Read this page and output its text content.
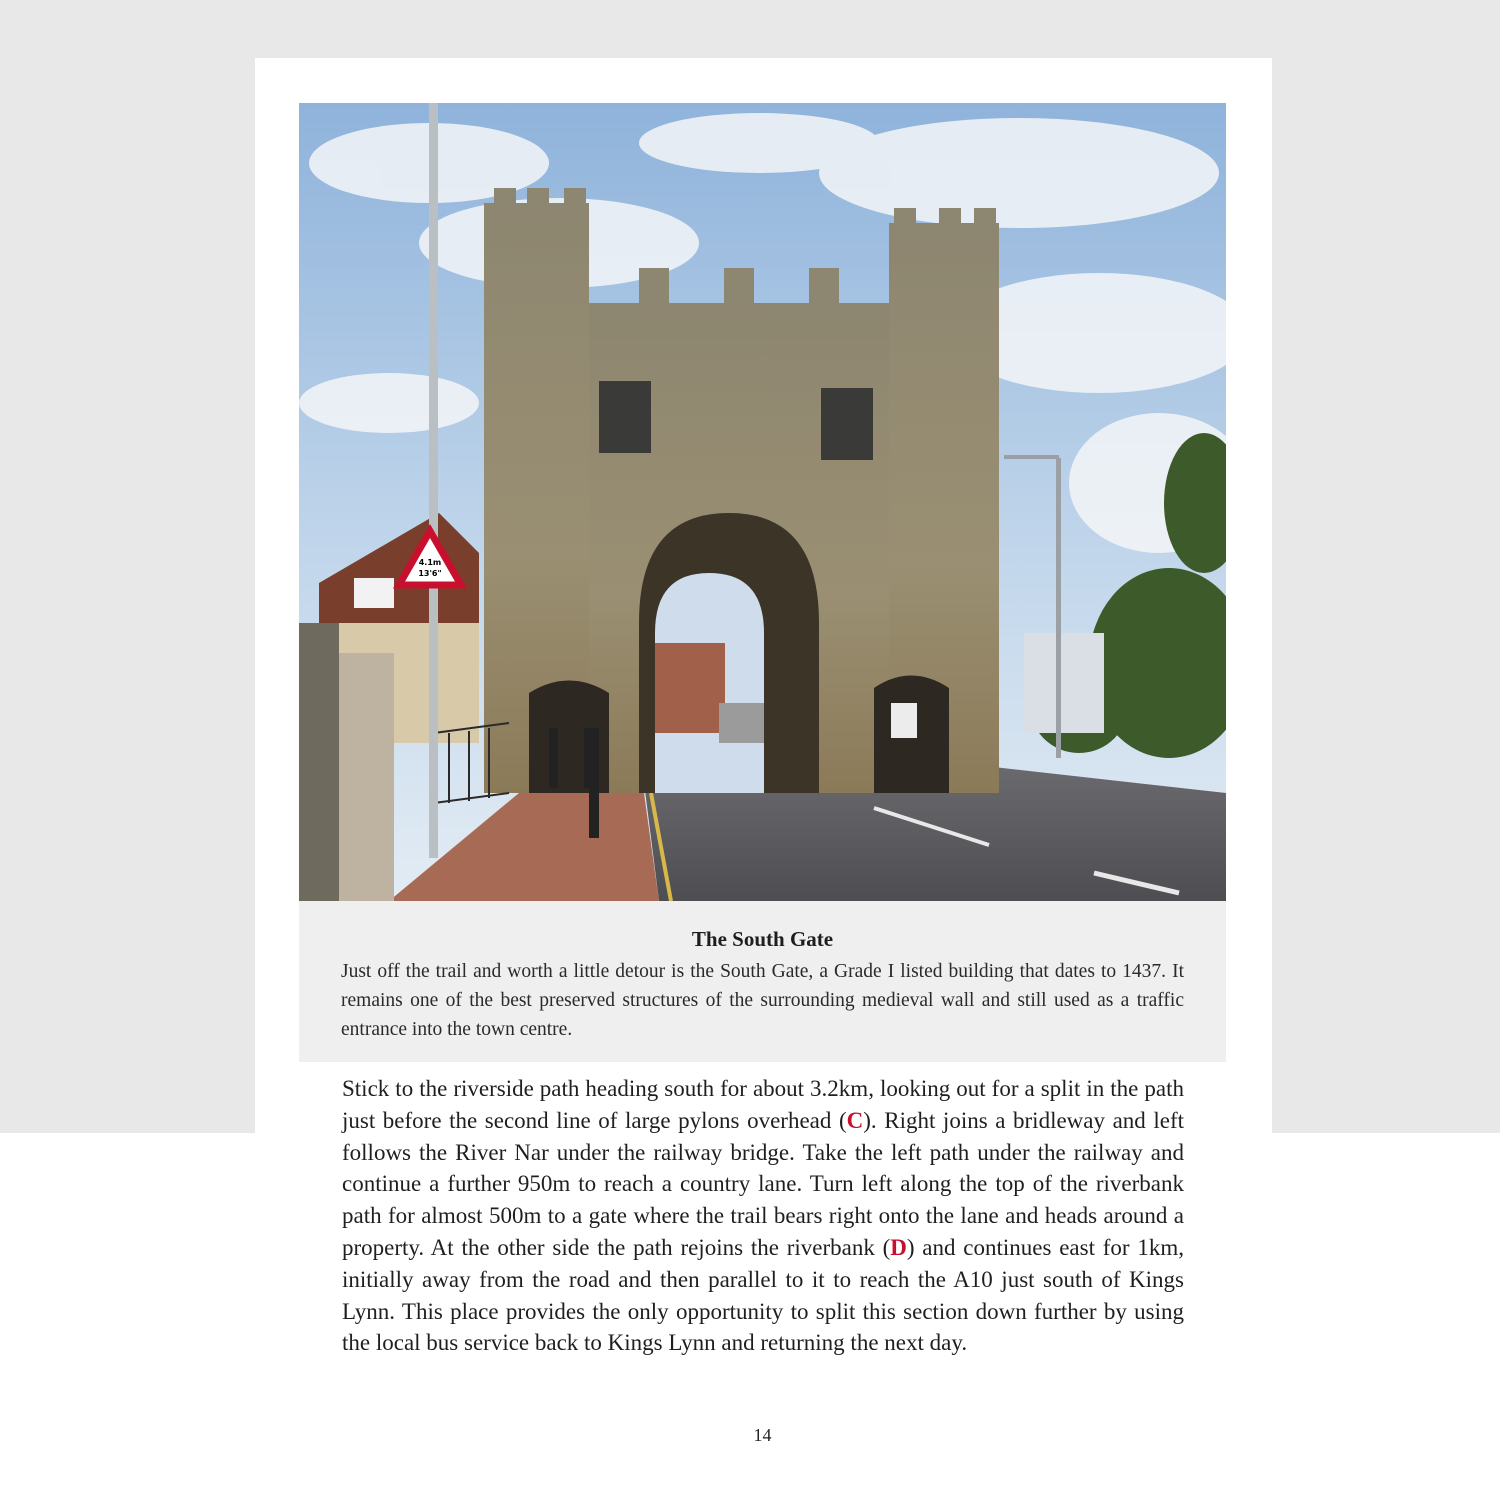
4.1m
13'6"
The South Gate
Just off the trail and worth a little detour is the South Gate, a Grade I listed building that dates to 1437. It remains one of the best preserved structures of the surrounding medieval wall and still used as a traffic entrance into the town centre.
Stick to the riverside path heading south for about 3.2km, looking out for a split in the path just before the second line of large pylons overhead (C). Right joins a bridleway and left follows the River Nar under the railway bridge. Take the left path under the railway and continue a further 950m to reach a country lane. Turn left along the top of the riverbank path for almost 500m to a gate where the trail bears right onto the lane and heads around a property. At the other side the path rejoins the riverbank (D) and continues east for 1km, initially away from the road and then parallel to it to reach the A10 just south of Kings Lynn. This place provides the only opportunity to split this section down further by using the local bus service back to Kings Lynn and returning the next day.
14
